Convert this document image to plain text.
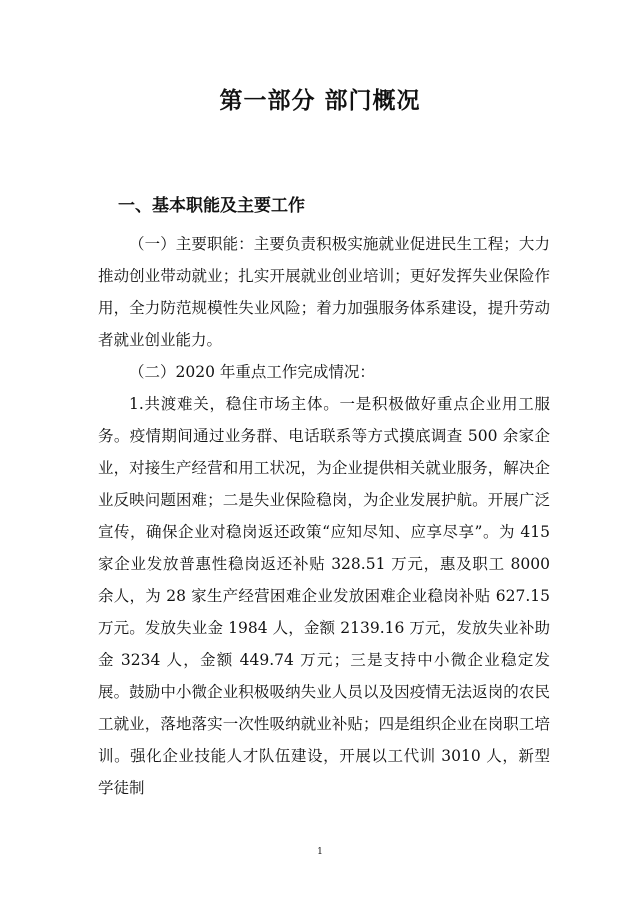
第一部分 部门概况
一、基本职能及主要工作

（一）主要职能：主要负责积极实施就业促进民生工程；大力推动创业带动就业；扎实开展就业创业培训；更好发挥失业保险作用，全力防范规模性失业风险；着力加强服务体系建设，提升劳动者就业创业能力。

（二）2020 年重点工作完成情况：

1.共渡难关，稳住市场主体。一是积极做好重点企业用工服务。疫情期间通过业务群、电话联系等方式摸底调查 500 余家企业，对接生产经营和用工状况，为企业提供相关就业服务，解决企业反映问题困难；二是失业保险稳岗，为企业发展护航。开展广泛宣传，确保企业对稳岗返还政策“应知尽知、应享尽享”。为 415 家企业发放普惠性稳岗返还补贴 328.51 万元，惠及职工 8000 余人，为 28 家生产经营困难企业发放困难企业稳岗补贴 627.15 万元。发放失业金 1984 人，金额 2139.16 万元，发放失业补助金 3234 人，金额 449.74 万元；三是支持中小微企业稳定发展。鼓励中小微企业积极吸纳失业人员以及因疫情无法返岗的农民工就业，落地落实一次性吸纳就业补贴；四是组织企业在岗职工培训。强化企业技能人才队伍建设，开展以工代训 3010 人，新型学徒制

1
